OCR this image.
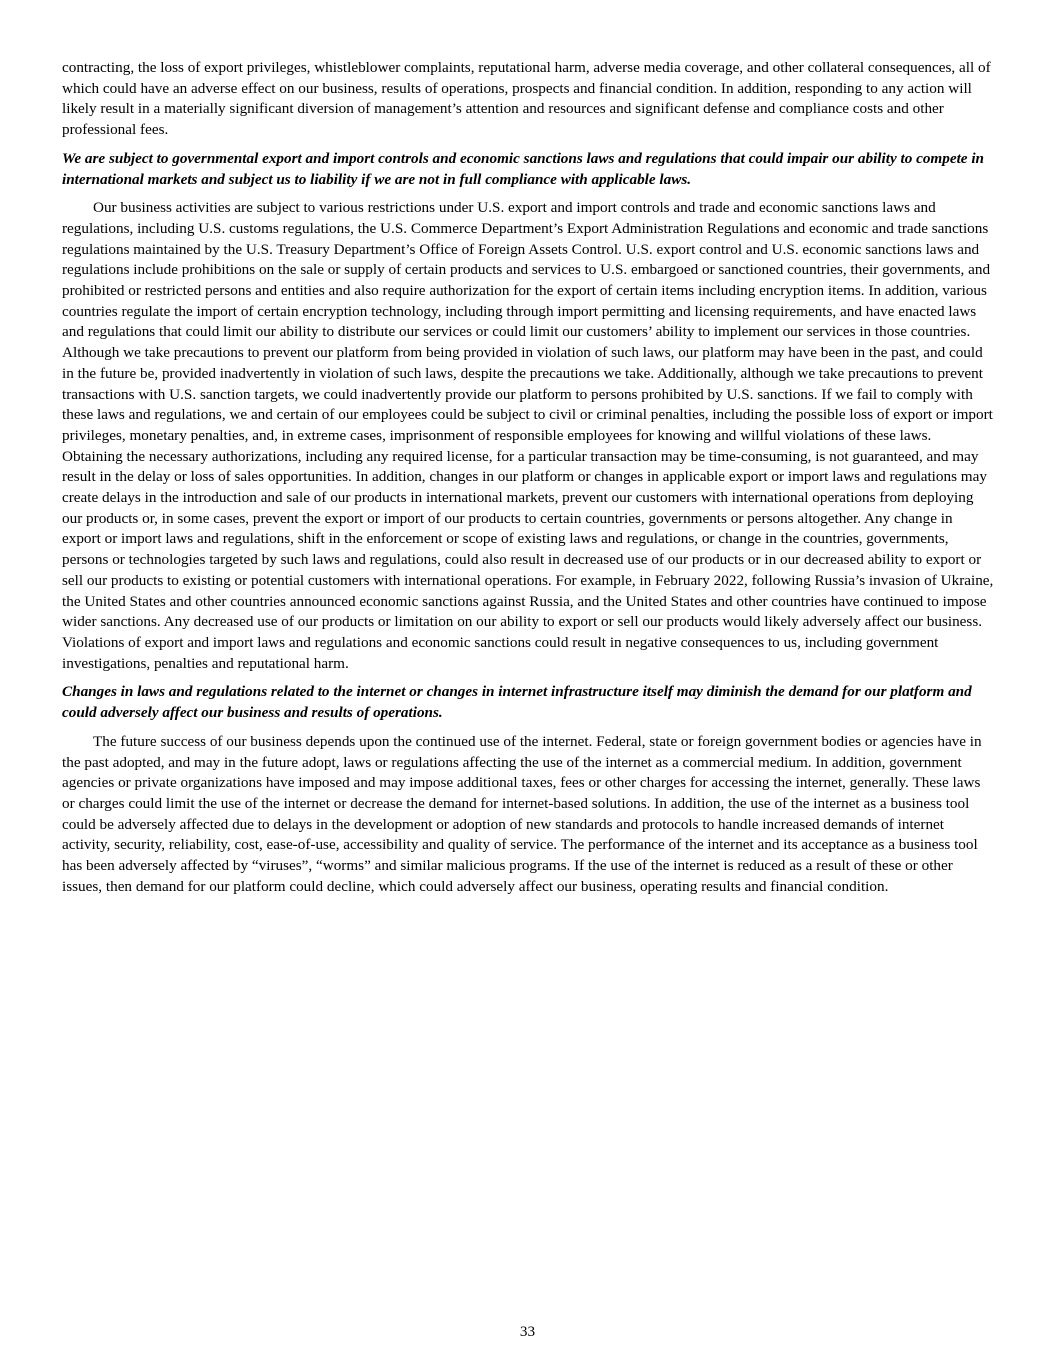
contracting, the loss of export privileges, whistleblower complaints, reputational harm, adverse media coverage, and other collateral consequences, all of which could have an adverse effect on our business, results of operations, prospects and financial condition. In addition, responding to any action will likely result in a materially significant diversion of management’s attention and resources and significant defense and compliance costs and other professional fees.

We are subject to governmental export and import controls and economic sanctions laws and regulations that could impair our ability to compete in international markets and subject us to liability if we are not in full compliance with applicable laws.

Our business activities are subject to various restrictions under U.S. export and import controls and trade and economic sanctions laws and regulations, including U.S. customs regulations, the U.S. Commerce Department’s Export Administration Regulations and economic and trade sanctions regulations maintained by the U.S. Treasury Department’s Office of Foreign Assets Control. U.S. export control and U.S. economic sanctions laws and regulations include prohibitions on the sale or supply of certain products and services to U.S. embargoed or sanctioned countries, their governments, and prohibited or restricted persons and entities and also require authorization for the export of certain items including encryption items. In addition, various countries regulate the import of certain encryption technology, including through import permitting and licensing requirements, and have enacted laws and regulations that could limit our ability to distribute our services or could limit our customers’ ability to implement our services in those countries. Although we take precautions to prevent our platform from being provided in violation of such laws, our platform may have been in the past, and could in the future be, provided inadvertently in violation of such laws, despite the precautions we take. Additionally, although we take precautions to prevent transactions with U.S. sanction targets, we could inadvertently provide our platform to persons prohibited by U.S. sanctions. If we fail to comply with these laws and regulations, we and certain of our employees could be subject to civil or criminal penalties, including the possible loss of export or import privileges, monetary penalties, and, in extreme cases, imprisonment of responsible employees for knowing and willful violations of these laws. Obtaining the necessary authorizations, including any required license, for a particular transaction may be time-consuming, is not guaranteed, and may result in the delay or loss of sales opportunities. In addition, changes in our platform or changes in applicable export or import laws and regulations may create delays in the introduction and sale of our products in international markets, prevent our customers with international operations from deploying our products or, in some cases, prevent the export or import of our products to certain countries, governments or persons altogether. Any change in export or import laws and regulations, shift in the enforcement or scope of existing laws and regulations, or change in the countries, governments, persons or technologies targeted by such laws and regulations, could also result in decreased use of our products or in our decreased ability to export or sell our products to existing or potential customers with international operations. For example, in February 2022, following Russia’s invasion of Ukraine, the United States and other countries announced economic sanctions against Russia, and the United States and other countries have continued to impose wider sanctions. Any decreased use of our products or limitation on our ability to export or sell our products would likely adversely affect our business. Violations of export and import laws and regulations and economic sanctions could result in negative consequences to us, including government investigations, penalties and reputational harm.

Changes in laws and regulations related to the internet or changes in internet infrastructure itself may diminish the demand for our platform and could adversely affect our business and results of operations.

The future success of our business depends upon the continued use of the internet. Federal, state or foreign government bodies or agencies have in the past adopted, and may in the future adopt, laws or regulations affecting the use of the internet as a commercial medium. In addition, government agencies or private organizations have imposed and may impose additional taxes, fees or other charges for accessing the internet, generally. These laws or charges could limit the use of the internet or decrease the demand for internet-based solutions. In addition, the use of the internet as a business tool could be adversely affected due to delays in the development or adoption of new standards and protocols to handle increased demands of internet activity, security, reliability, cost, ease-of-use, accessibility and quality of service. The performance of the internet and its acceptance as a business tool has been adversely affected by “viruses”, “worms” and similar malicious programs. If the use of the internet is reduced as a result of these or other issues, then demand for our platform could decline, which could adversely affect our business, operating results and financial condition.

33
